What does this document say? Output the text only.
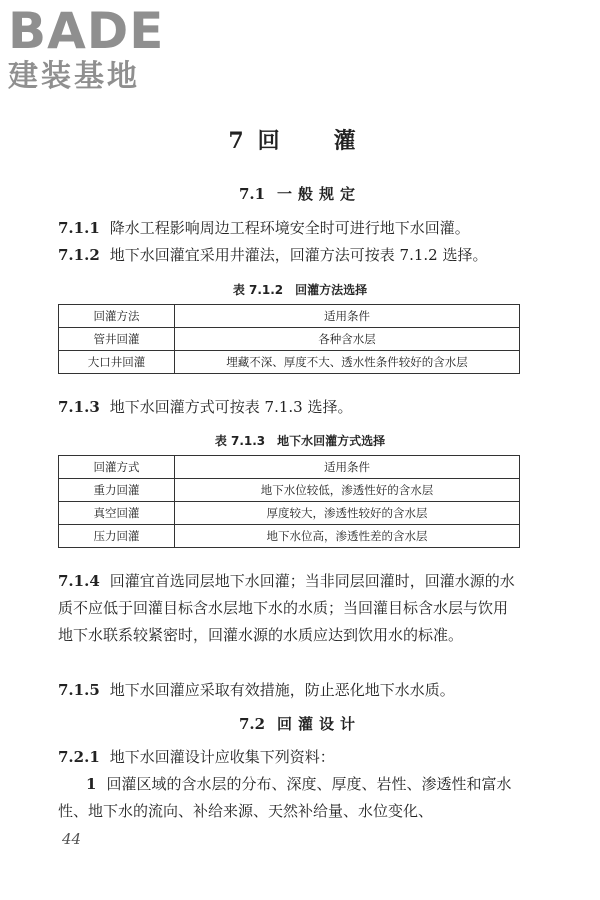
BADE
建装基地
7 回　灌
7.1 一般规定

7.1.1 降水工程影响周边工程环境安全时可进行地下水回灌。

7.1.2 地下水回灌宜采用井灌法，回灌方法可按表 7.1.2 选择。

表 7.1.2 回灌方法选择
回灌方法	适用条件
管井回灌	各种含水层
大口井回灌	埋藏不深、厚度不大、透水性条件较好的含水层

7.1.3 地下水回灌方式可按表 7.1.3 选择。

表 7.1.3 地下水回灌方式选择
回灌方式	适用条件
重力回灌	地下水位较低，渗透性好的含水层
真空回灌	厚度较大，渗透性较好的含水层
压力回灌	地下水位高，渗透性差的含水层

7.1.4 回灌宜首选同层地下水回灌；当非同层回灌时，回灌水源的水质不应低于回灌目标含水层地下水的水质；当回灌目标含水层与饮用地下水联系较紧密时，回灌水源的水质应达到饮用水的标准。

7.1.5 地下水回灌应采取有效措施，防止恶化地下水水质。

7.2 回灌设计

7.2.1 地下水回灌设计应收集下列资料：

1 回灌区域的含水层的分布、深度、厚度、岩性、渗透性和富水性、地下水的流向、补给来源、天然补给量、水位变化、

44
